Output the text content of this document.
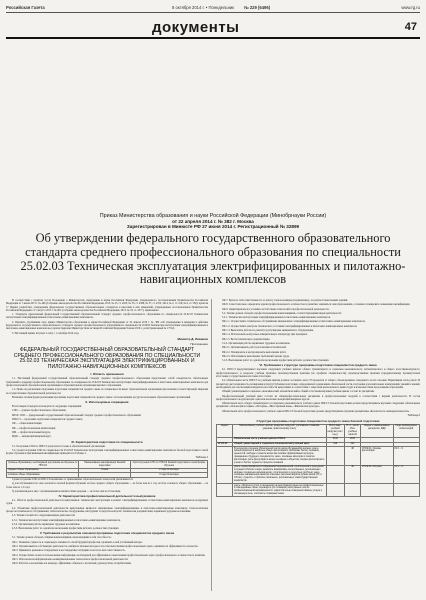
Российская Газета	8 октября 2014 г. • Понедельник № 229 (6496)	www.rg.ru
документы	47
Приказ Министерства образования и науки Российской Федерации (Минобрнауки России)
от 22 апреля 2014 г. № 382 г. Москва
Зарегистрирован в Минюсте РФ 27 июня 2014 г. Регистрационный № 32899
Об утверждении федерального государственного образовательного стандарта среднего профессионального образования по специальности 25.02.03 Техническая эксплуатация электрифицированных и пилотажно-навигационных комплексов

В соответствии с пунктом 5.2.41 Положения о Министерстве образования и науки Российской Федерации, утвержденного постановлением Правительства Российской Федерации от 3 июня 2013 г. № 466 (Собрание законодательства Российской Федерации, 2013, № 23, ст. 2923; № 33, ст. 4386; № 37, ст. 4702; 2014, № 2, ст. 126; № 6, ст. 582), пунктом 17 Правил разработки, утверждения федеральных государственных образовательных стандартов и внесения в них изменений, утвержденных постановлением Правительства Российской Федерации от 5 августа 2013 г. № 661 (Собрание законодательства Российской Федерации, 2013, № 33, ст. 4377), приказываю:

1. Утвердить прилагаемый федеральный государственный образовательный стандарт среднего профессионального образования по специальности 25.02.03 Техническая эксплуатация электрифицированных и пилотажно-навигационных комплексов.

2. Признать утратившим силу приказ Министерства образования и науки Российской Федерации от 22 апреля 2010 г. № 386 «Об утверждении и введении в действие федерального государственного образовательного стандарта среднего профессионального образования по специальности 161004 Техническая эксплуатация электрифицированных и пилотажно-навигационных комплексов» (зарегистрирован Министерством юстиции Российской Федерации 9 июня 2010 г., регистрационный № 17512).

3. Настоящий приказ вступает в силу с 1 сентября 2014 года.

Министр Д. Ливанов
Приложение
ФЕДЕРАЛЬНЫЙ ГОСУДАРСТВЕННЫЙ ОБРАЗОВАТЕЛЬНЫЙ СТАНДАРТ СРЕДНЕГО ПРОФЕССИОНАЛЬНОГО ОБРАЗОВАНИЯ ПО СПЕЦИАЛЬНОСТИ 25.02.03 ТЕХНИЧЕСКАЯ ЭКСПЛУАТАЦИЯ ЭЛЕКТРИФИЦИРОВАННЫХ И ПИЛОТАЖНО-НАВИГАЦИОННЫХ КОМПЛЕКСОВ
I. Область применения

1.1. Настоящий федеральный государственный образовательный стандарт среднего профессионального образования представляет собой совокупность обязательных требований к среднему профессиональному образованию по специальности 25.02.03 Техническая эксплуатация электрифицированных и пилотажно-навигационных комплексов для профессиональной образовательной организации и образовательной организации высшего образования.

1.2. Право на реализацию программы подготовки специалистов среднего звена по специальности имеет образовательная организация при наличии соответствующей лицензии на осуществление образовательной деятельности.

Возможна сетевая форма реализации программы подготовки специалистов среднего звена с использованием ресурсов нескольких образовательных организаций.

II. Используемые сокращения

В настоящем стандарте используются следующие сокращения:

СПО — среднее профессиональное образование;

ФГОС СПО — федеральный государственный образовательный стандарт среднего профессионального образования;

ППССЗ — программа подготовки специалистов среднего звена;

ОК — общая компетенция;

ПК — профессиональная компетенция;

ПМ — профессиональный модуль;

МДК — междисциплинарный курс.

III. Характеристика подготовки по специальности

3.1. Получение СПО по ППССЗ допускается только в образовательной организации.

3.2. Сроки получения СПО по специальности 25.02.03 Техническая эксплуатация электрифицированных и пилотажно-навигационных комплексов базовой подготовки в очной форме обучения и присваиваемая квалификация приводятся в Таблице 1.

Таблица 1
Уровень образования, необходимый для приема на обучение по ППССЗ	Наименование квалификации базовой подготовки	Срок получения СПО по ППССЗ базовой подготовки в очной форме обучения
среднее общее образование	Техник	2 года 10 месяцев
основное общее образование		3 года 10 месяцев

Сроки получения СПО по ППССЗ независимо от применяемых образовательных технологий увеличиваются:

а) для обучающихся по очно-заочной и заочной формам обучения: на базе среднего общего образования — не более чем на 1 год; на базе основного общего образования — не более чем на 1,5 года;

б) для инвалидов и лиц с ограниченными возможностями здоровья — не более чем на 10 месяцев.

IV. Характеристика профессиональной деятельности выпускников

4.1. Область профессиональной деятельности выпускников: техническая эксплуатация и ремонт электрифицированных и пилотажно-навигационных комплексов воздушных судов.

4.2. Объектами профессиональной деятельности выпускников являются: авиационные электрифицированные и пилотажно-навигационные комплексы; технологические процессы технического обслуживания; технологическое оборудование, инструмент и средства контроля; техническая документация; первичные трудовые коллективы.

4.3. Техник готовится к следующим видам деятельности:

4.3.1. Техническая эксплуатация электрифицированных и пилотажно-навигационных комплексов.

4.3.2. Организация работы первичных трудовых коллективов.

4.3.3. Выполнение работ по одной или нескольким профессиям рабочих, должностям служащих.

V. Требования к результатам освоения программы подготовки специалистов среднего звена

5.1. Техник должен обладать общими компетенциями, включающими в себя способность:

ОК 1. Понимать сущность и социальную значимость своей будущей профессии, проявлять к ней устойчивый интерес.

ОК 2. Организовывать собственную деятельность, выбирать типовые методы и способы выполнения профессиональных задач, оценивать их эффективность и качество.

ОК 3. Принимать решения в стандартных и нестандартных ситуациях и нести за них ответственность.

ОК 4. Осуществлять поиск и использование информации, необходимой для эффективного выполнения профессиональных задач, профессионального и личностного развития.

ОК 5. Использовать информационно-коммуникационные технологии в профессиональной деятельности.

ОК 6. Работать в коллективе и в команде, эффективно общаться с коллегами, руководством, потребителями.

ОК 7. Брать на себя ответственность за работу членов команды (подчиненных), за результат выполнения заданий.

ОК 8. Самостоятельно определять задачи профессионального и личностного развития, заниматься самообразованием, осознанно планировать повышение квалификации.

ОК 9. Ориентироваться в условиях частой смены технологий в профессиональной деятельности.

5.2. Техник должен обладать профессиональными компетенциями, соответствующими видам деятельности:

5.2.1. Техническая эксплуатация электрифицированных и пилотажно-навигационных комплексов.

ПК 1.1. Осуществлять техническое обслуживание авиационных электрифицированных и пилотажно-навигационных комплексов.

ПК 1.2. Осуществлять контроль технического состояния электрифицированных и пилотажно-навигационных комплексов.

ПК 1.3. Выполнять работы по ремонту и регулировке авиационного оборудования.

ПК 1.4. Использовать контрольно-измерительную аппаратуру при проверках.

ПК 1.5. Вести техническую документацию.

5.2.2. Организация работы первичных трудовых коллективов.

ПК 2.1. Организовывать работу коллектива исполнителей.

ПК 2.2. Планировать и контролировать выполнение работ.

ПК 2.3. Обеспечивать выполнение требований охраны труда.

5.2.3. Выполнение работ по одной или нескольким профессиям рабочих, должностям служащих.

VI. Требования к структуре программы подготовки специалистов среднего звена

6.1. ППССЗ предусматривает изучение следующих учебных циклов: общего гуманитарного и социально-экономического; математического и общего естественнонаучного; профессионального; и разделов: учебная практика; производственная практика (по профилю специальности); производственная практика (преддипломная); промежуточная аттестация; государственная итоговая аттестация.

6.2. Обязательная часть ППССЗ по учебным циклам должна составлять около 70 процентов от общего объема времени, отведенного на их освоение. Вариативная часть (около 30 процентов) дает возможность расширения и (или) углубления подготовки, определяемой содержанием обязательной части, получения дополнительных компетенций, умений и знаний, необходимых для обеспечения конкурентоспособности выпускника в соответствии с запросами регионального рынка труда и возможностями продолжения образования.

Общий гуманитарный и социально-экономический, математический и общий естественнонаучный учебные циклы состоят из дисциплин.

Профессиональный учебный цикл состоит из общепрофессиональных дисциплин и профессиональных модулей в соответствии с видами деятельности. В состав профессионального модуля входит один или несколько междисциплинарных курсов.

Обязательная часть общего гуманитарного и социально-экономического учебного цикла ППССЗ базовой подготовки должна предусматривать изучение следующих обязательных дисциплин: «Основы философии», «История», «Иностранный язык», «Физическая культура».

Обязательная часть профессионального учебного цикла ППССЗ базовой подготовки должна предусматривать изучение дисциплины «Безопасность жизнедеятельности».

Таблица 2
Структура программы подготовки специалистов среднего звена базовой подготовки
Индекс	Наименование учебных циклов, разделов, модулей, требования к знаниям, умениям, практическому опыту	Всего макс. учебной нагрузки (час./нед.)	В т.ч. часов обяз. учебных занятий	Индекс и наименование дисциплин, МДК	Коды формируемых компетенций
	Обязательная часть учебных циклов ППССЗ	3240	2160		
ОГСЭ.00	Общий гуманитарный и социально-экономический учебный цикл	648	432		
	В результате изучения обязательной части цикла обучающийся должен: уметь: ориентироваться в наиболее общих философских проблемах бытия, познания, ценностей, свободы и смысла жизни как основах формирования культуры гражданина и будущего специалиста; знать: основные категории и понятия философии; роль философии в жизни человека и общества; основы философского учения о бытии; сущность процесса познания		48	ОГСЭ.01. Основы философии	ОК 1 - 9
	уметь: ориентироваться в современной экономической, политической и культурной ситуации в России и мире; выявлять взаимосвязь отечественных, региональных, мировых социально-экономических, политических и культурных проблем; знать: основные направления развития ключевых регионов мира на рубеже веков (XX и XXI вв.); сущность и причины локальных, региональных, межгосударственных конфликтов		48	ОГСЭ.02. История	ОК 1 - 9
	уметь: общаться (устно и письменно) на иностранном языке на профессиональные и повседневные темы; переводить (со словарем) иностранные тексты профессиональной направленности; самостоятельно совершенствовать устную и письменную речь, пополнять словарный запас				
